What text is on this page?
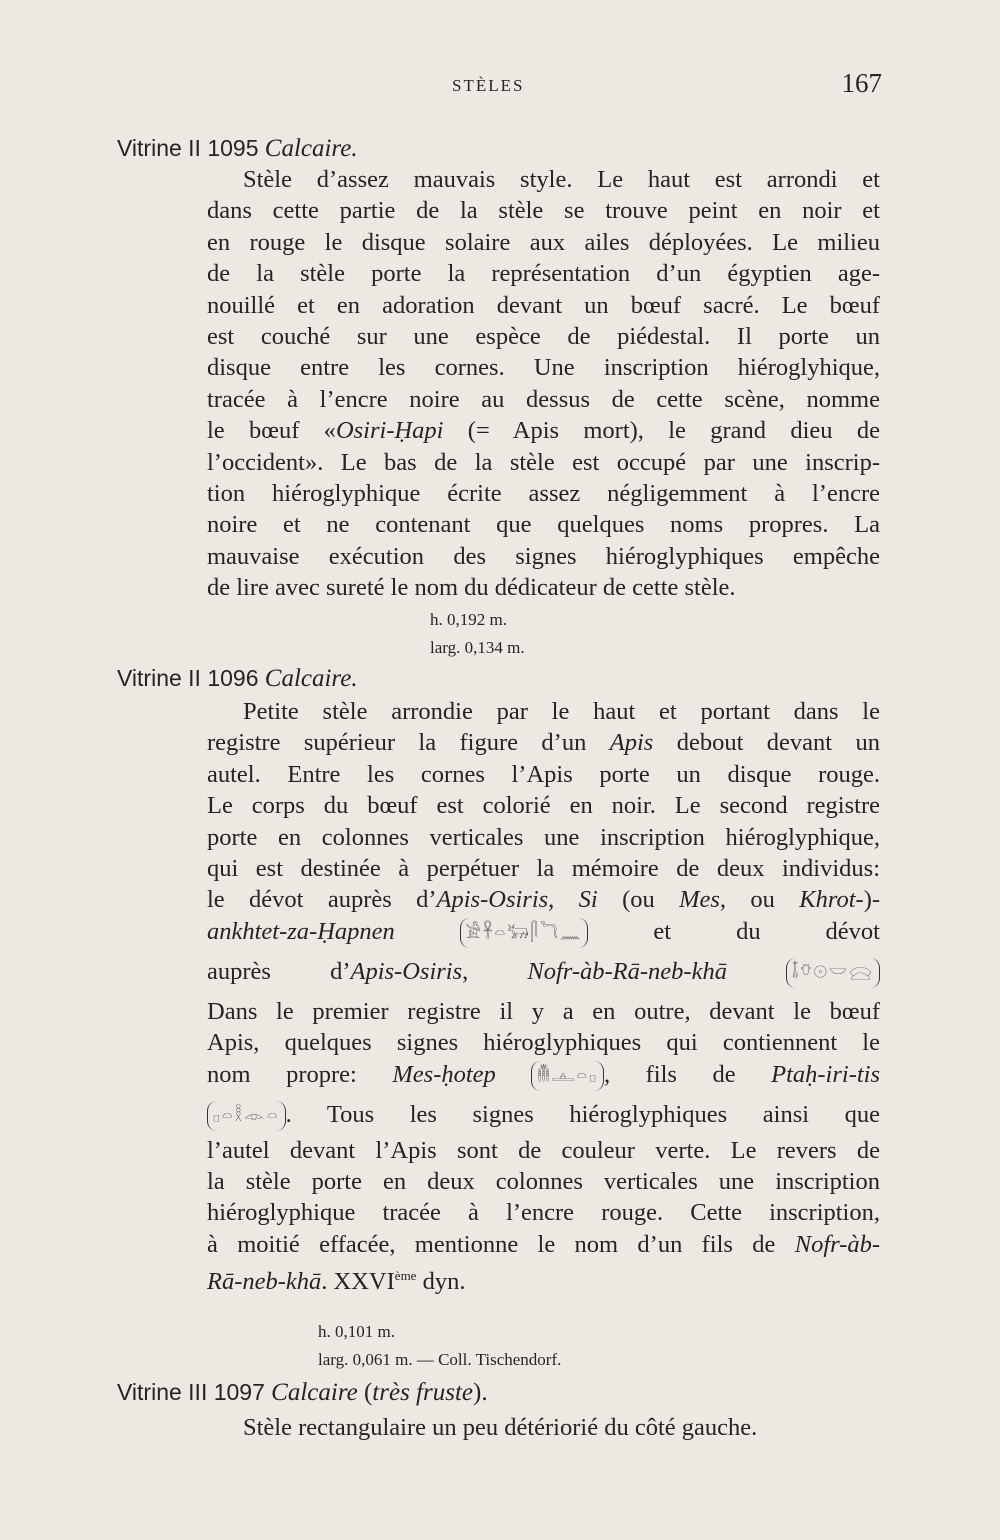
STÈLES	167
Vitrine II 1095 Calcaire.
Stèle d’assez mauvais style. Le haut est arrondi et
dans cette partie de la stèle se trouve peint en noir et
en rouge le disque solaire aux ailes déployées. Le milieu
de la stèle porte la représentation d’un égyptien age-
nouillé et en adoration devant un bœuf sacré. Le bœuf
est couché sur une espèce de piédestal. Il porte un
disque entre les cornes. Une inscription hiéroglyhique,
tracée à l’encre noire au dessus de cette scène, nomme
le bœuf «Osiri-Ḥapi (= Apis mort), le grand dieu de
l’occident». Le bas de la stèle est occupé par une inscrip-
tion hiéroglyphique écrite assez négligemment à l’encre
noire et ne contenant que quelques noms propres. La
mauvaise exécution des signes hiéroglyphiques empêche
de lire avec sureté le nom du dédicateur de cette stèle.
h. 0,192 m.
larg. 0,134 m.
Vitrine II 1096 Calcaire.
Petite stèle arrondie par le haut et portant dans le
registre supérieur la figure d’un Apis debout devant un
autel. Entre les cornes l’Apis porte un disque rouge.
Le corps du bœuf est colorié en noir. Le second registre
porte en colonnes verticales une inscription hiéroglyphique,
qui est destinée à perpétuer la mémoire de deux individus:
le dévot auprès d’Apis-Osiris, Si (ou Mes, ou Khrot-)-
ankhtet-za-Ḥapnen	𓀀𓋹𓏏𓃒𓋴𓆓𓈖 et du dévot
auprès d’Apis-Osiris, Nofr-àb-Rā-neb-khā	𓄤𓄣𓇳𓎟𓈍
Dans le premier registre il y a en outre, devant le bœuf
Apis, quelques signes hiéroglyphiques qui contiennent le
nom propre: Mes-ḥotep 𓄟𓊵𓏏𓊪 , fils de Ptaḥ-iri-tis
𓊪𓏏𓎛𓁹𓏏 . Tous les signes hiéroglyphiques ainsi que
l’autel devant l’Apis sont de couleur verte. Le revers de
la stèle porte en deux colonnes verticales une inscription
hiéroglyphique tracée à l’encre rouge. Cette inscription,
à moitié effacée, mentionne le nom d’un fils de Nofr-àb-
Rā-neb-khā. XXVIème dyn.
h. 0,101 m.
larg. 0,061 m. — Coll. Tischendorf.
Vitrine III 1097 Calcaire (très fruste).
Stèle rectangulaire un peu détériorié du côté gauche.
